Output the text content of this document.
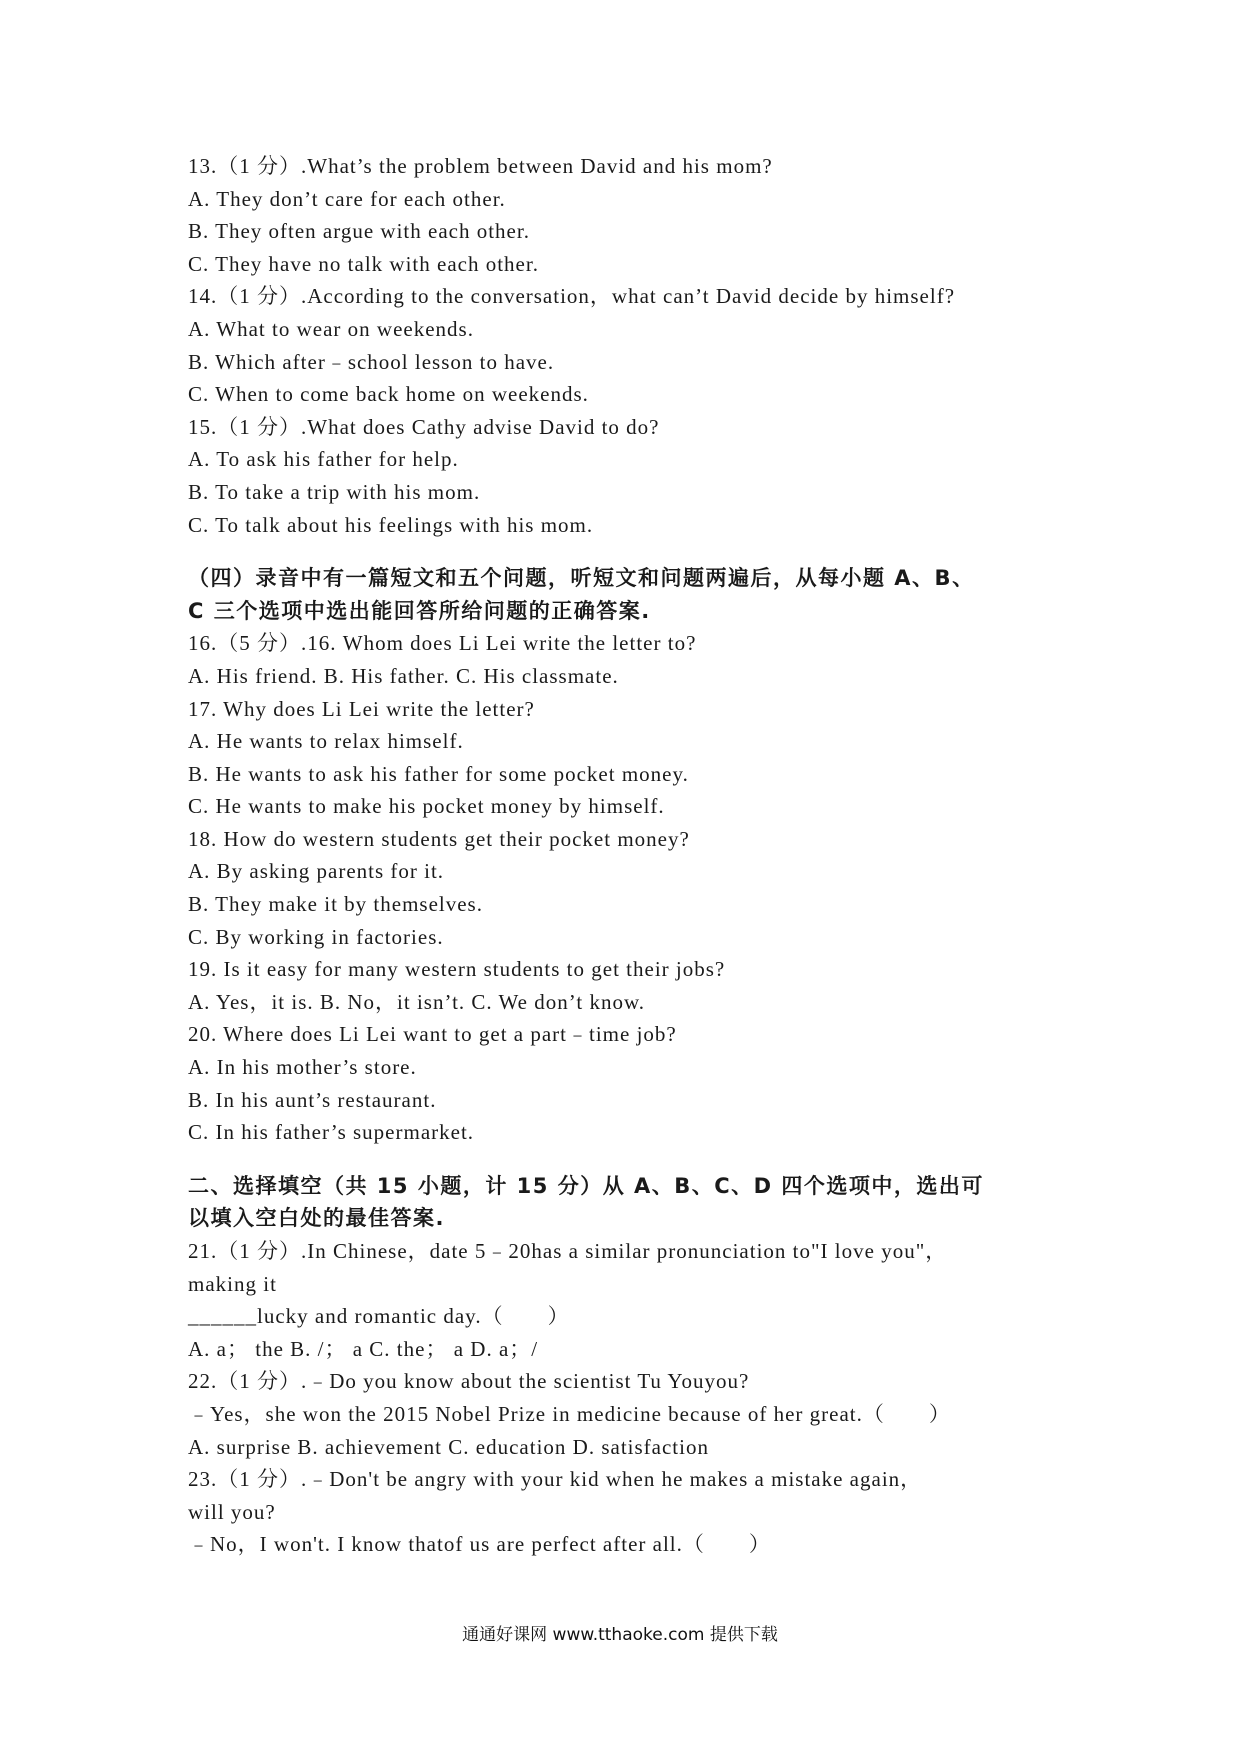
13.（1 分）.What’s the problem between David and his mom?
A. They don’t care for each other.
B. They often argue with each other.
C. They have no talk with each other.
14.（1 分）.According to the conversation，what can’t David decide by himself?
A. What to wear on weekends.
B. Which after﹣school lesson to have.
C. When to come back home on weekends.
15.（1 分）.What does Cathy advise David to do?
A. To ask his father for help.
B. To take a trip with his mom.
C. To talk about his feelings with his mom.
（四）录音中有一篇短文和五个问题，听短文和问题两遍后，从每小题 A、B、
C 三个选项中选出能回答所给问题的正确答案.
16.（5 分）.16. Whom does Li Lei write the letter to?
A. His friend. B. His father. C. His classmate.
17. Why does Li Lei write the letter?
A. He wants to relax himself.
B. He wants to ask his father for some pocket money.
C. He wants to make his pocket money by himself.
18. How do western students get their pocket money?
A. By asking parents for it.
B. They make it by themselves.
C. By working in factories.
19. Is it easy for many western students to get their jobs?
A. Yes，it is. B. No，it isn’t. C. We don’t know.
20. Where does Li Lei want to get a part﹣time job?
A. In his mother’s store.
B. In his aunt’s restaurant.
C. In his father’s supermarket.
二、选择填空（共 15 小题，计 15 分）从 A、B、C、D 四个选项中，选出可
以填入空白处的最佳答案.
21.（1 分）.In Chinese，date 5﹣20has a similar pronunciation to"I love you"，
making it
______lucky and romantic day.（　　）
A. a； the B. /； a C. the； a D. a；/
22.（1 分）.﹣Do you know about the scientist Tu Youyou?
﹣Yes，she won the 2015 Nobel Prize in medicine because of her great.（　　）
A. surprise B. achievement C. education D. satisfaction
23.（1 分）.﹣Don't be angry with your kid when he makes a mistake again，
will you?
﹣No，I won't. I know thatof us are perfect after all.（　　）
通通好课网 www.tthaoke.com 提供下载
